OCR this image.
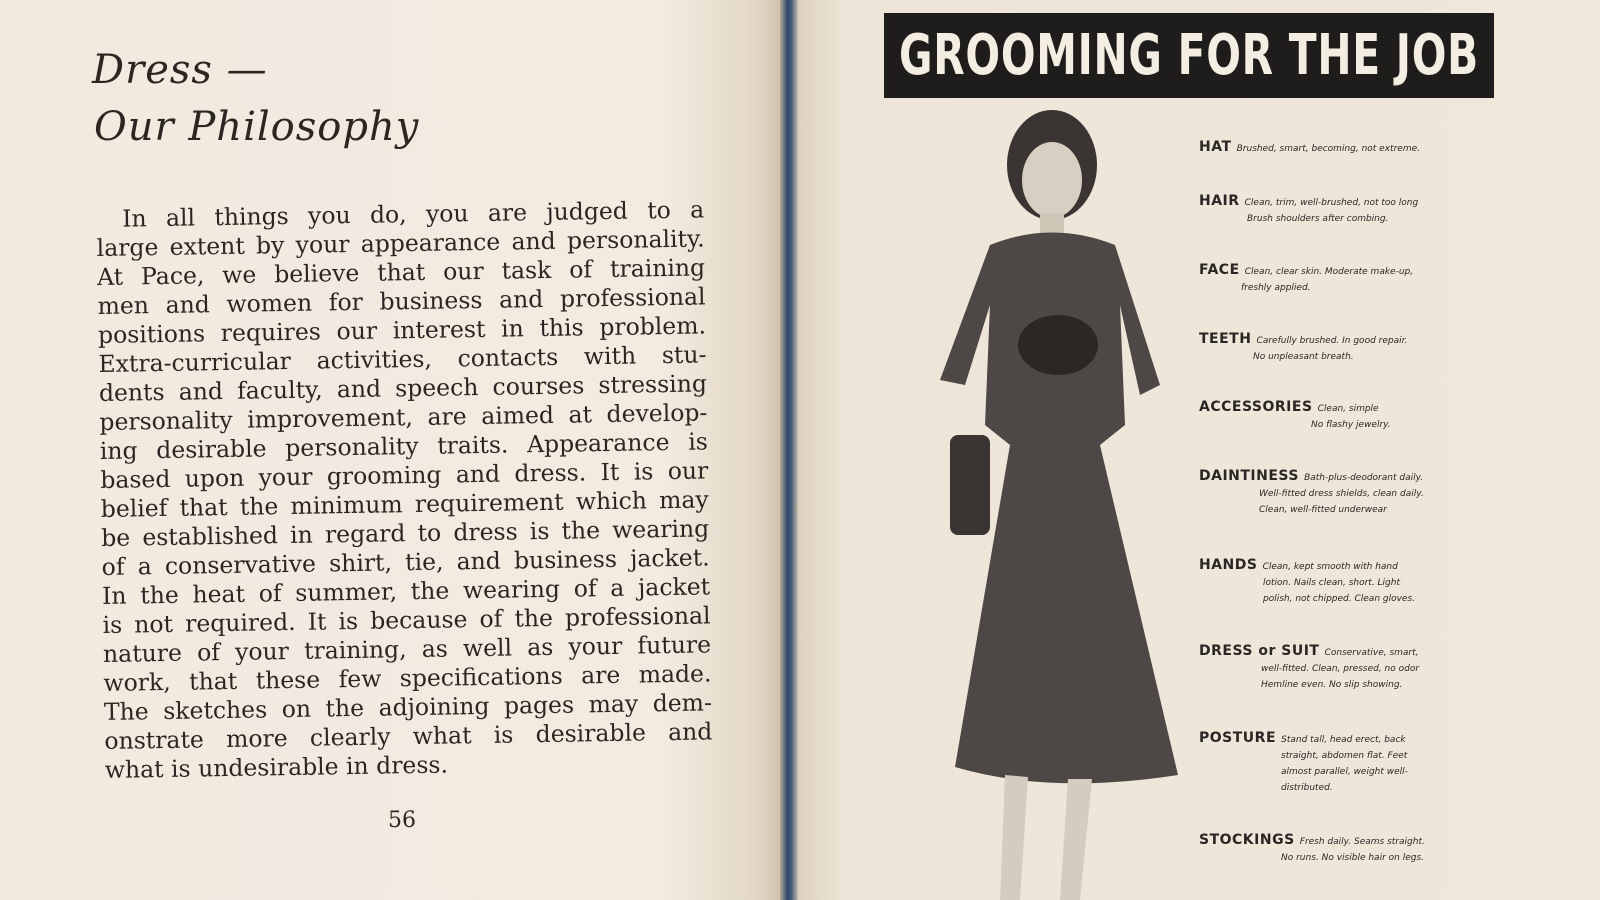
Dress —
Our Philosophy
In all things you do, you are judged to a
large extent by your appearance and personality.
At Pace, we believe that our task of training
men and women for business and professional
positions requires our interest in this problem.
Extra-curricular activities, contacts with stu-
dents and faculty, and speech courses stressing
personality improvement, are aimed at develop-
ing desirable personality traits. Appearance is
based upon your grooming and dress. It is our
belief that the minimum requirement which may
be established in regard to dress is the wearing
of a conservative shirt, tie, and business jacket.
In the heat of summer, the wearing of a jacket
is not required. It is because of the professional
nature of your training, as well as your future
work, that these few specifications are made.
The sketches on the adjoining pages may dem-
onstrate more clearly what is desirable and
what is undesirable in dress.
56
GROOMING FOR THE JOB
HAT Brushed, smart, becoming, not extreme.
HAIR Clean, trim, well-brushed, not too long
Brush shoulders after combing.
FACE Clean, clear skin. Moderate make-up,
freshly applied.
TEETH Carefully brushed. In good repair.
No unpleasant breath.
ACCESSORIES Clean, simple
No flashy jewelry.
DAINTINESS Bath-plus-deodorant daily.
Well-fitted dress shields, clean daily.
Clean, well-fitted underwear
HANDS Clean, kept smooth with hand
lotion. Nails clean, short. Light
polish, not chipped. Clean gloves.
DRESS or SUIT Conservative, smart,
well-fitted. Clean, pressed, no odor
Hemline even. No slip showing.
POSTURE Stand tall, head erect, back
straight, abdomen flat. Feet
almost parallel, weight well-
distributed.
STOCKINGS Fresh daily. Seams straight.
No runs. No visible hair on legs.
